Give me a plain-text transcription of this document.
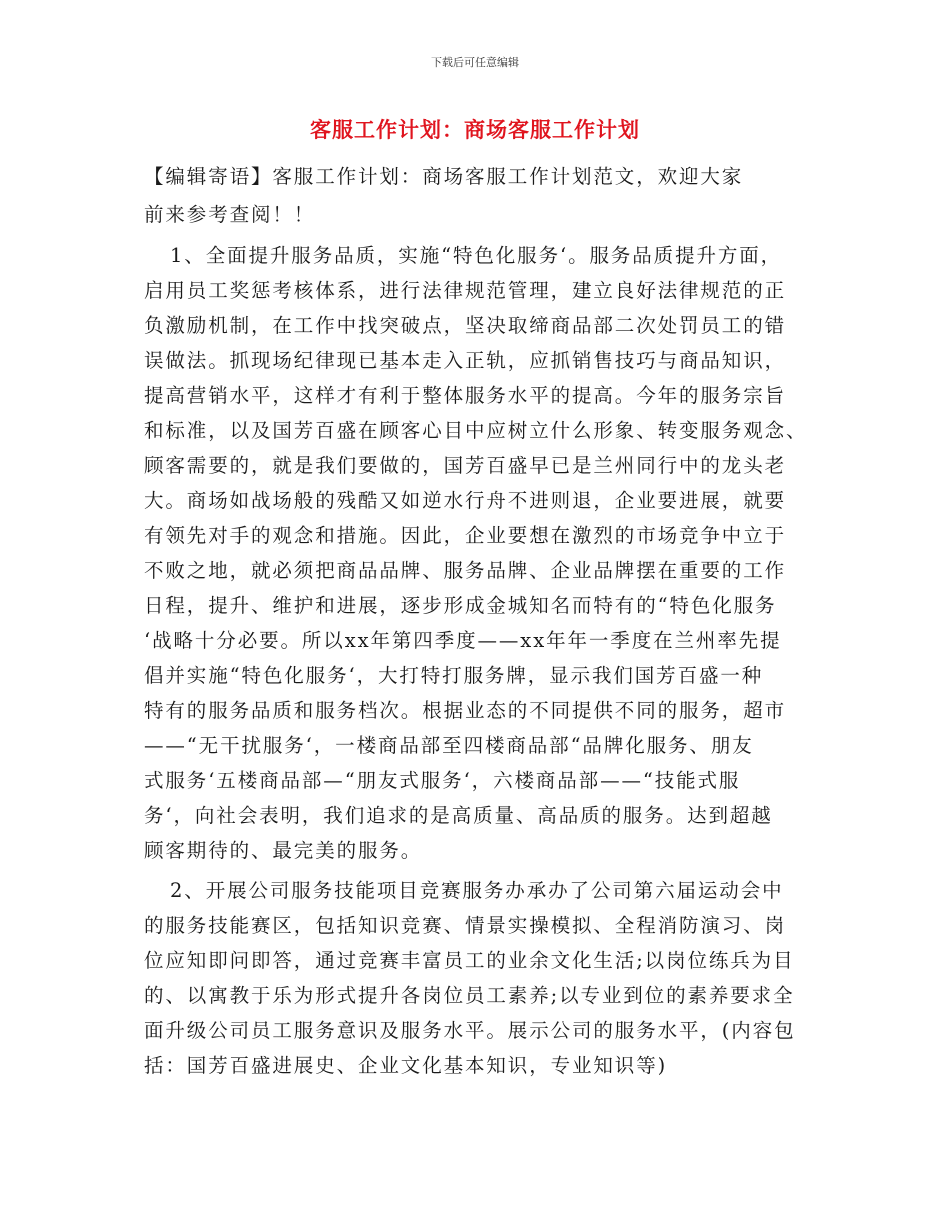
下载后可任意编辑
客服工作计划：商场客服工作计划
【编辑寄语】客服工作计划：商场客服工作计划范文，欢迎大家
前来参考查阅！！
1、全面提升服务品质，实施“特色化服务‘。服务品质提升方面，
启用员工奖惩考核体系，进行法律规范管理，建立良好法律规范的正
负激励机制，在工作中找突破点，坚决取缔商品部二次处罚员工的错
误做法。抓现场纪律现已基本走入正轨，应抓销售技巧与商品知识，
提高营销水平，这样才有利于整体服务水平的提高。今年的服务宗旨
和标准，以及国芳百盛在顾客心目中应树立什么形象、转变服务观念、
顾客需要的，就是我们要做的，国芳百盛早已是兰州同行中的龙头老
大。商场如战场般的残酷又如逆水行舟不进则退，企业要进展，就要
有领先对手的观念和措施。因此，企业要想在激烈的市场竞争中立于
不败之地，就必须把商品品牌、服务品牌、企业品牌摆在重要的工作
日程，提升、维护和进展，逐步形成金城知名而特有的“特色化服务
‘战略十分必要。所以xx年第四季度——xx年年一季度在兰州率先提
倡并实施“特色化服务‘，大打特打服务牌，显示我们国芳百盛一种
特有的服务品质和服务档次。根据业态的不同提供不同的服务，超市
——“无干扰服务‘，一楼商品部至四楼商品部“品牌化服务、朋友
式服务‘五楼商品部—“朋友式服务‘，六楼商品部——“技能式服
务‘，向社会表明，我们追求的是高质量、高品质的服务。达到超越
顾客期待的、最完美的服务。
2、开展公司服务技能项目竞赛服务办承办了公司第六届运动会中
的服务技能赛区，包括知识竞赛、情景实操模拟、全程消防演习、岗
位应知即问即答，通过竞赛丰富员工的业余文化生活;以岗位练兵为目
的、以寓教于乐为形式提升各岗位员工素养;以专业到位的素养要求全
面升级公司员工服务意识及服务水平。展示公司的服务水平，(内容包
括：国芳百盛进展史、企业文化基本知识，专业知识等)
